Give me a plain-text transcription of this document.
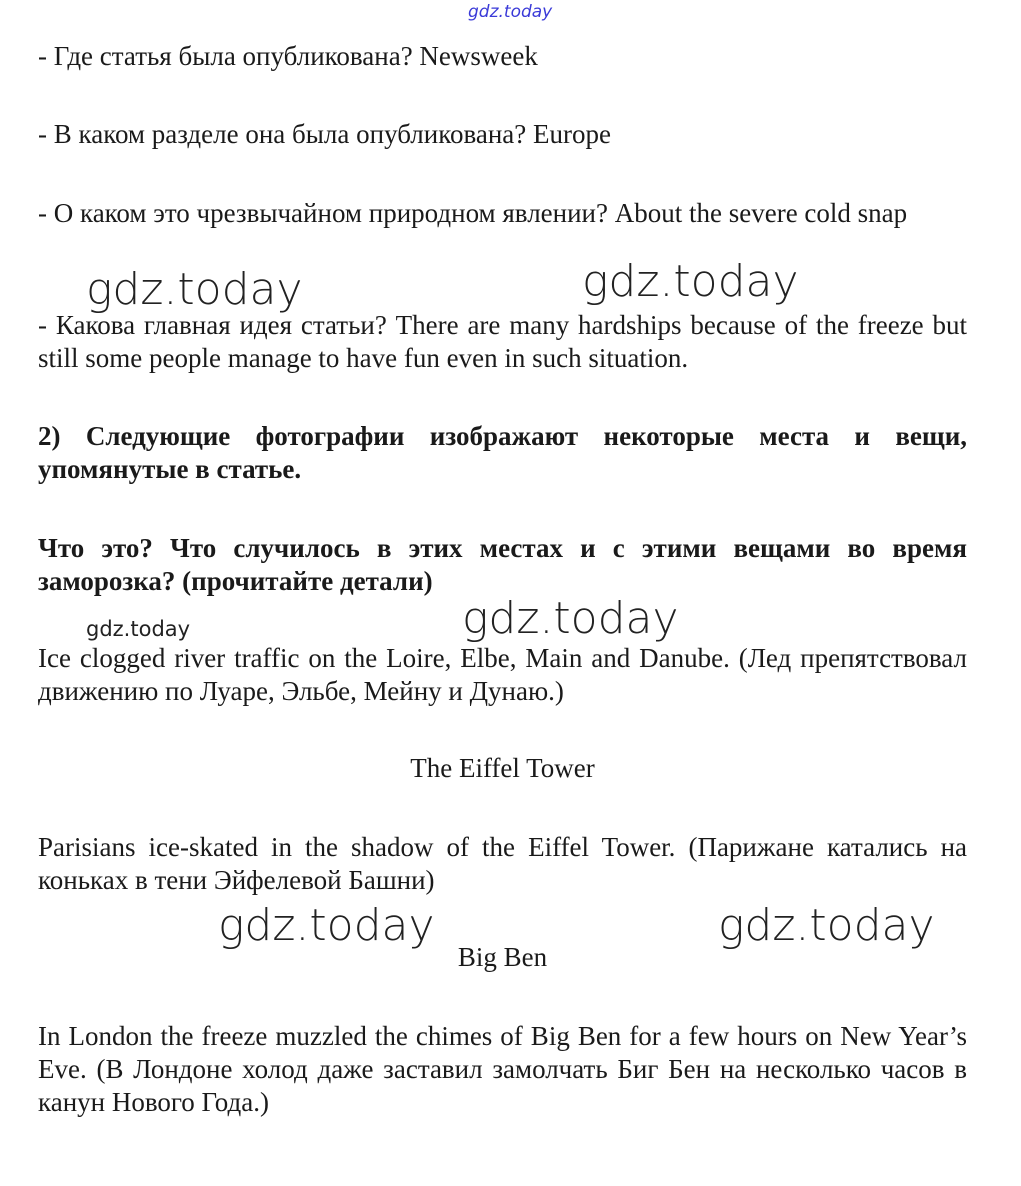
gdz.today

- Где статья была опубликована? Newsweek

- В каком разделе она была опубликована? Europe

- О каком это чрезвычайном природном явлении? About the severe cold snap

gdz.today	gdz.today

- Какова главная идея статьи? There are many hardships because of the freeze but still some people manage to have fun even in such situation.

2) Следующие фотографии изображают некоторые места и вещи, упомянутые в статье.

Что это? Что случилось в этих местах и с этими вещами во время заморозка? (прочитайте детали)

gdz.today
gdz.today

Ice clogged river traffic on the Loire, Elbe, Main and Danube. (Лед препятствовал движению по Луаре, Эльбе, Мейну и Дунаю.)

The Eiffel Tower

Parisians ice-skated in the shadow of the Eiffel Tower. (Парижане катались на коньках в тени Эйфелевой Башни)

gdz.today	gdz.today

Big Ben

In London the freeze muzzled the chimes of Big Ben for a few hours on New Year’s Eve. (В Лондоне холод даже заставил замолчать Биг Бен на несколько часов в канун Нового Года.)
